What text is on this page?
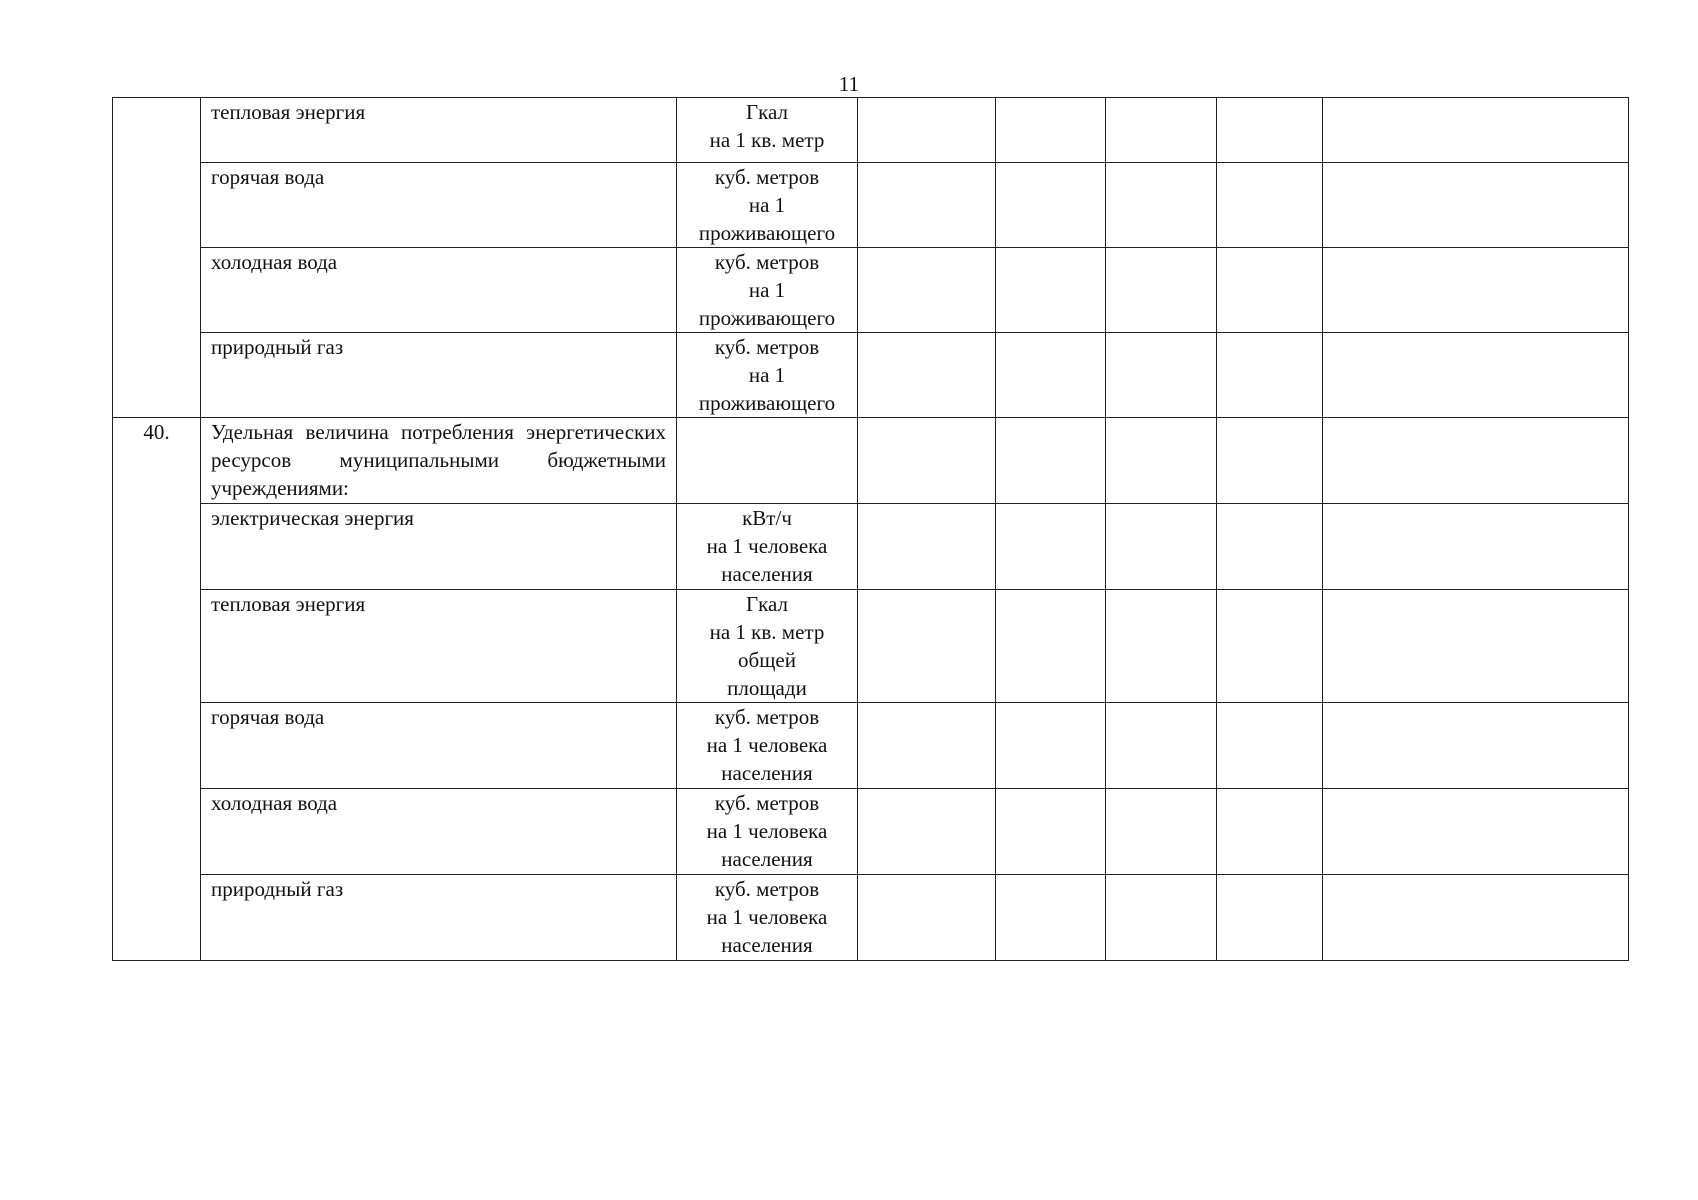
11
	тепловая энергия	Гкал
на 1 кв. метр					
	горячая вода	куб. метров
на 1
проживающего					
	холодная вода	куб. метров
на 1
проживающего					
	природный газ	куб. метров
на 1
проживающего					
40.	Удельная величина потребления энергетических ресурсов муниципальными бюджетными учреждениями:						
	электрическая энергия	кВт/ч
на 1 человека
населения					
	тепловая энергия	Гкал
на 1 кв. метр
общей
площади					
	горячая вода	куб. метров
на 1 человека
населения					
	холодная вода	куб. метров
на 1 человека
населения					
	природный газ	куб. метров
на 1 человека
населения					
